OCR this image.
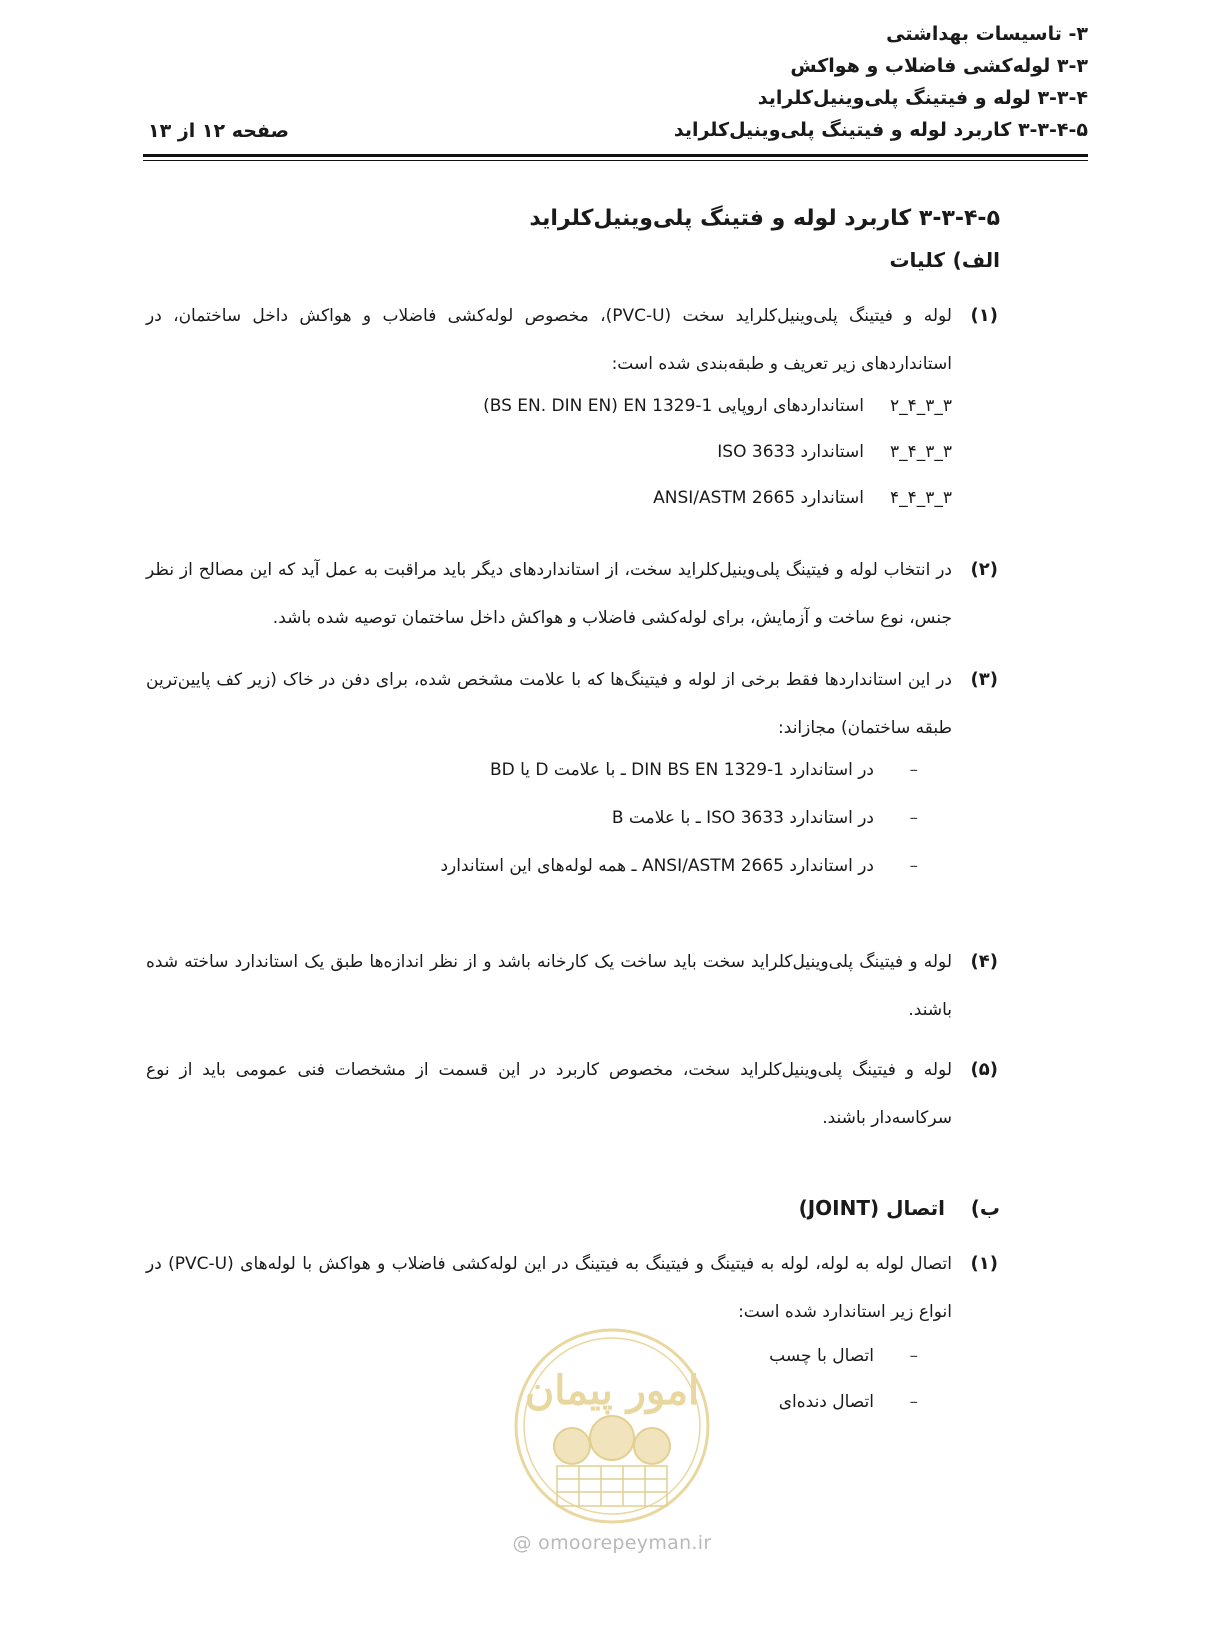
۳- تاسیسات بهداشتی
۳-۳ لوله‌کشی فاضلاب و هواکش
۳-۳-۴ لوله و فیتینگ پلی‌وینیل‌کلراید
۳-۳-۴-۵ کاربرد لوله و فیتینگ پلی‌وینیل‌کلراید
صفحه ۱۲ از ۱۳
۳-۳-۴-۵ کاربرد لوله و فتینگ پلی‌وینیل‌کلراید
الف) کلیات
(۱)

لوله و فیتینگ پلی‌وینیل‌کلراید سخت (PVC-U)، مخصوص لوله‌کشی فاضلاب و هواکش داخل ساختمان، در استانداردهای زیر تعریف و طبقه‌بندی شده است:

۳_۳_۴_۲استانداردهای اروپایی BS EN. DIN EN) EN 1329-1)
۳_۳_۴_۳استاندارد ISO 3633
۳_۳_۴_۴استاندارد ANSI/ASTM 2665
(۲)

در انتخاب لوله و فیتینگ پلی‌وینیل‌کلراید سخت، از استانداردهای دیگر باید مراقبت به عمل آید که این مصالح از نظر جنس، نوع ساخت و آزمایش، برای لوله‌کشی فاضلاب و هواکش داخل ساختمان توصیه شده باشد.

(۳)

در این استانداردها فقط برخی از لوله و فیتینگ‌ها که با علامت مشخص شده، برای دفن در خاک (زیر کف پایین‌ترین طبقه ساختمان) مجازاند:

–در استاندارد DIN BS EN 1329-1 ـ با علامت D یا BD
–در استاندارد ISO 3633 ـ با علامت B
–در استاندارد ANSI/ASTM 2665 ـ همه لوله‌های این استاندارد
(۴)

لوله و فیتینگ پلی‌وینیل‌کلراید سخت باید ساخت یک کارخانه باشد و از نظر اندازه‌ها طبق یک استاندارد ساخته شده باشند.

(۵)

لوله و فیتینگ پلی‌وینیل‌کلراید سخت، مخصوص کاربرد در این قسمت از مشخصات فنی عمومی باید از نوع سرکاسه‌دار باشند.

ب) اتصال (JOINT)
(۱)

اتصال لوله به لوله، لوله به فیتینگ و فیتینگ به فیتینگ در این لوله‌کشی فاضلاب و هواکش با لوله‌های (PVC-U) در انواع زیر استاندارد شده است:

–اتصال با چسب
–اتصال دنده‌ای
امور پیمان
@ omoorepeyman.ir
